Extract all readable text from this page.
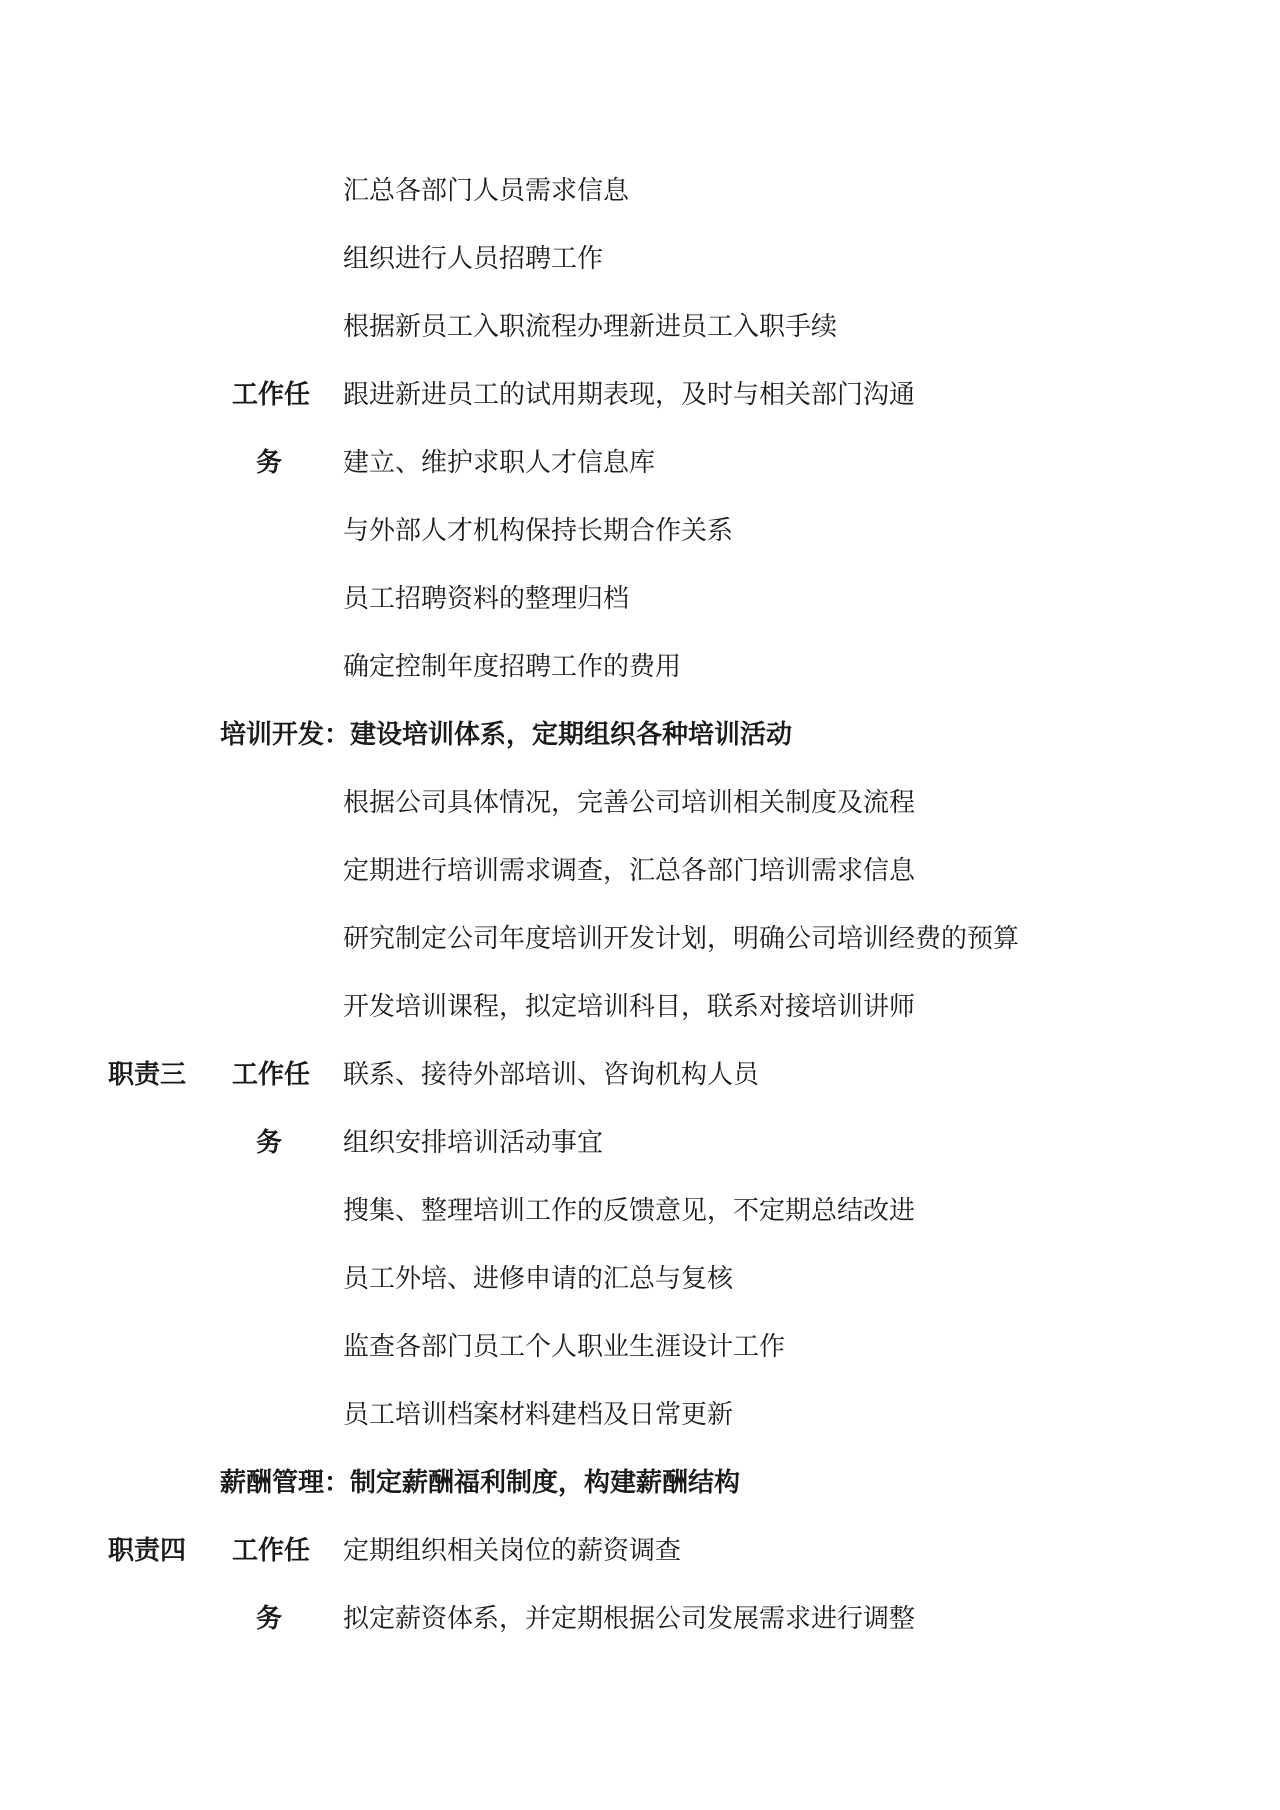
汇总各部门人员需求信息
组织进行人员招聘工作
根据新员工入职流程办理新进员工入职手续
工作任 跟进新进员工的试用期表现，及时与相关部门沟通
务 建立、维护求职人才信息库
与外部人才机构保持长期合作关系
员工招聘资料的整理归档
确定控制年度招聘工作的费用
培训开发：建设培训体系，定期组织各种培训活动
根据公司具体情况，完善公司培训相关制度及流程
定期进行培训需求调查，汇总各部门培训需求信息
研究制定公司年度培训开发计划，明确公司培训经费的预算
开发培训课程，拟定培训科目，联系对接培训讲师
职责三 工作任 联系、接待外部培训、咨询机构人员
务 组织安排培训活动事宜
搜集、整理培训工作的反馈意见，不定期总结改进
员工外培、进修申请的汇总与复核
监查各部门员工个人职业生涯设计工作
员工培训档案材料建档及日常更新
薪酬管理：制定薪酬福利制度，构建薪酬结构
职责四 工作任 定期组织相关岗位的薪资调查
务 拟定薪资体系，并定期根据公司发展需求进行调整
